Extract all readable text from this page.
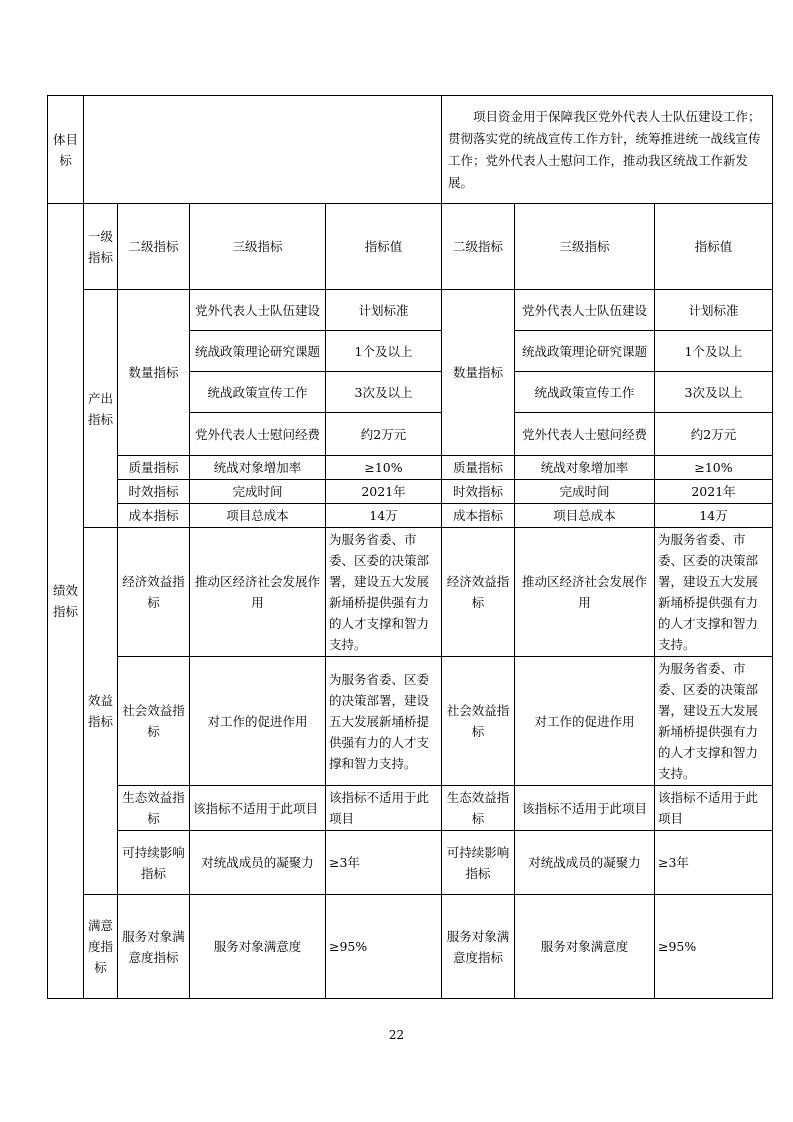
体目标					项目资金用于保障我区党外代表人士队伍建设工作；贯彻落实党的统战宣传工作方针，统筹推进统一战线宣传工作；党外代表人士慰问工作，推动我区统战工作新发展。		
绩效指标	一级指标	二级指标	三级指标	指标值	二级指标	三级指标	指标值
	产出指标	数量指标	党外代表人士队伍建设	计划标准	数量指标	党外代表人士队伍建设	计划标准
			统战政策理论研究课题	1个及以上		统战政策理论研究课题	1个及以上
			统战政策宣传工作	3次及以上		统战政策宣传工作	3次及以上
			党外代表人士慰问经费	约2万元		党外代表人士慰问经费	约2万元
		质量指标	统战对象增加率	≥10%	质量指标	统战对象增加率	≥10%
		时效指标	完成时间	2021年	时效指标	完成时间	2021年
		成本指标	项目总成本	14万	成本指标	项目总成本	14万
	效益指标	经济效益指标	推动区经济社会发展作用	为服务省委、市委、区委的决策部署，建设五大发展新埇桥提供强有力的人才支撑和智力支持。	经济效益指标	推动区经济社会发展作用	为服务省委、市委、区委的决策部署，建设五大发展新埇桥提供强有力的人才支撑和智力支持。
		社会效益指标	对工作的促进作用	为服务省委、区委的决策部署，建设五大发展新埇桥提供强有力的人才支撑和智力支持。	社会效益指标	对工作的促进作用	为服务省委、市委、区委的决策部署，建设五大发展新埇桥提供强有力的人才支撑和智力支持。
		生态效益指标	该指标不适用于此项目	该指标不适用于此项目	生态效益指标	该指标不适用于此项目	该指标不适用于此项目
		可持续影响指标	对统战成员的凝聚力	≥3年	可持续影响指标	对统战成员的凝聚力	≥3年
	满意度指标	服务对象满意度指标	服务对象满意度	≥95%	服务对象满意度指标	服务对象满意度	≥95%
22
